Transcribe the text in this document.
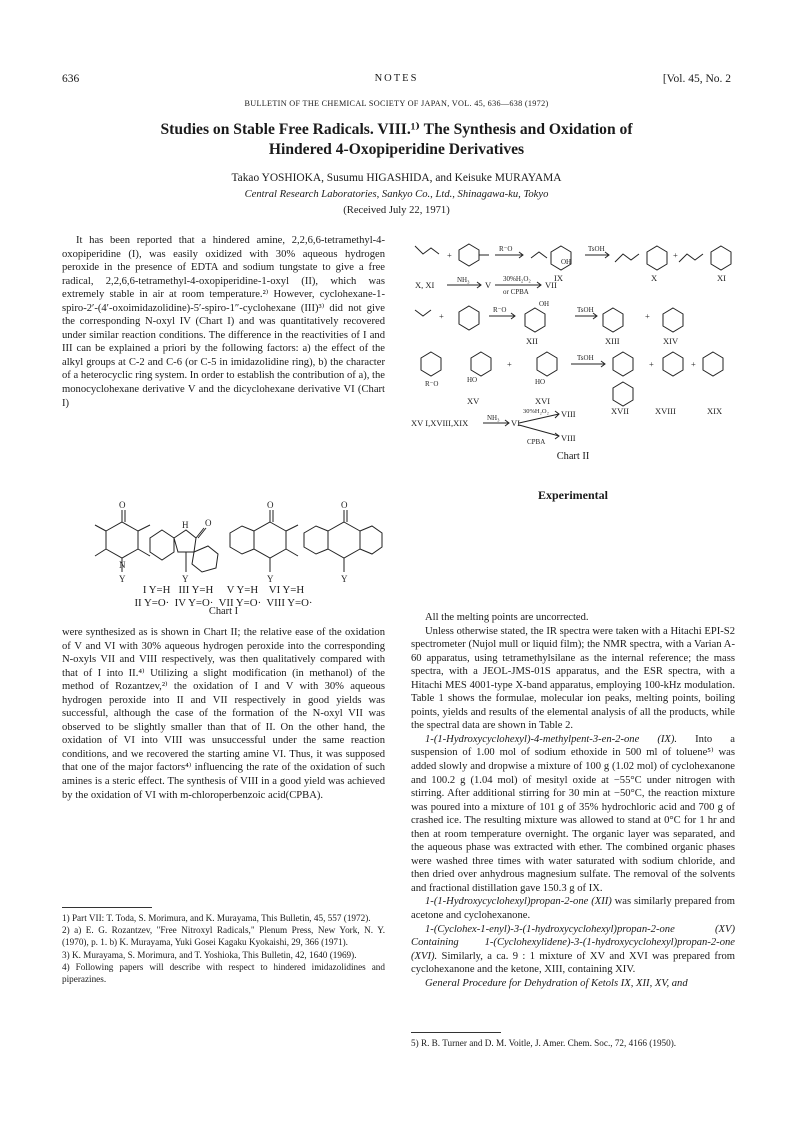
636	NOTES	[Vol. 45, No. 2
BULLETIN OF THE CHEMICAL SOCIETY OF JAPAN, VOL. 45, 636—638 (1972)
Studies on Stable Free Radicals. VIII.¹⁾ The Synthesis and Oxidation of
Hindered 4-Oxopiperidine Derivatives
Takao YOSHIOKA, Susumu HIGASHIDA, and Keisuke MURAYAMA
Central Research Laboratories, Sankyo Co., Ltd., Shinagawa-ku, Tokyo
(Received July 22, 1971)

It has been reported that a hindered amine, 2,2,6,6-tetramethyl-4-oxopiperidine (I), was easily oxidized with 30% aqueous hydrogen peroxide in the presence of EDTA and sodium tungstate to give a free radical, 2,2,6,6-tetramethyl-4-oxopiperidine-1-oxyl (II), which was extremely stable in air at room temperature.²⁾ However, cyclohexane-1-spiro-2′-(4′-oxoimidazolidine)-5′-spiro-1″-cyclohexane (III)³⁾ did not give the corresponding N-oxyl IV (Chart I) and was quantitatively recovered under similar reaction conditions. The difference in the reactivities of I and III can be explained a priori by the following factors: a) the effect of the alkyl groups at C-2 and C-6 (or C-5 in imidazolidine ring), b) the character of a heterocyclic ring system. In order to establish the contribution of a), the monocyclohexane derivative V and the dicyclohexane derivative VI (Chart I)

O
N
Y
H O
Y
O
Y
O
Y
I Y=H   III Y=H     V Y=H    VI Y=H
II Y=O·  IV Y=O·  VII Y=O·  VIII Y=O·
Chart I

were synthesized as is shown in Chart II; the relative ease of the oxidation of V and VI with 30% aqueous hydrogen peroxide into the corresponding N-oxyls VII and VIII respectively, was then qualitatively compared with that of I into II.⁴⁾ Utilizing a slight modification (in methanol) of the method of Rozantzev,²⁾ the oxidation of I and V with 30% aqueous hydrogen peroxide into II and VII respectively in good yields was successful, although the case of the formation of the N-oxyl VII was observed to be slightly smaller than that of II. On the other hand, the oxidation of VI into VIII was unsuccessful under the same reaction conditions, and we recovered the starting amine VI. Thus, it was supposed that one of the major factors⁴⁾ influencing the rate of the oxidation of such amines is a steric effect. The synthesis of VIII in a good yield was achieved by the oxidation of VI with m-chloroperbenzoic acid(CPBA).

1) Part VII: T. Toda, S. Morimura, and K. Murayama, This Bulletin, 45, 557 (1972).

2) a) E. G. Rozantzev, "Free Nitroxyl Radicals," Plenum Press, New York, N. Y. (1970), p. 1. b) K. Murayama, Yuki Gosei Kagaku Kyokaishi, 29, 366 (1971).

3) K. Murayama, S. Morimura, and T. Yoshioka, This Bulletin, 42, 1640 (1969).

4) Following papers will describe with respect to hindered imidazolidines and piperazines.

+
R⁻O
OH
TsOH
IX	X
+
XI
X, XI	NH₃ V
30%H₂O₂
or CPBA
VII
+
R⁻O
OH
TsOH
XII	XIII
+
XIV
R⁻O	HO
+
HO
TsOH
XV	XVI
XVII
+
XVIII
+
XIX
XV I,XVIII,XIX	NH₃ VI
30%H₂O₂ VIII
CPBA VIII
Chart II
Experimental

All the melting points are uncorrected.

Unless otherwise stated, the IR spectra were taken with a Hitachi EPI-S2 spectrometer (Nujol mull or liquid film); the NMR spectra, with a Varian A-60 apparatus, using tetramethylsilane as the internal reference; the mass spectra, with a JEOL-JMS-01S apparatus, and the ESR spectra, with a Hitachi MES 4001-type X-band apparatus, employing 100-kHz modulation. Table 1 shows the formulae, molecular ion peaks, melting points, boiling points, yields and results of the elemental analysis of all the products, while the spectral data are shown in Table 2.

1-(1-Hydroxycyclohexyl)-4-methylpent-3-en-2-one (IX). Into a suspension of 1.00 mol of sodium ethoxide in 500 ml of toluene⁵⁾ was added slowly and dropwise a mixture of 100 g (1.02 mol) of cyclohexanone and 100.2 g (1.04 mol) of mesityl oxide at −55°C under nitrogen with stirring. After additional stirring for 30 min at −50°C, the reaction mixture was poured into a mixture of 101 g of 35% hydrochloric acid and 700 g of crashed ice. The resulting mixture was allowed to stand at 0°C for 1 hr and then at room temperature overnight. The organic layer was separated, and the aqueous phase was extracted with ether. The combined organic phases were washed three times with water saturated with sodium chloride, and then dried over anhydrous magnesium sulfate. The removal of the solvents and fractional distillation gave 150.3 g of IX.

1-(1-Hydroxycyclohexyl)propan-2-one (XII) was similarly prepared from acetone and cyclohexanone.

1-(Cyclohex-1-enyl)-3-(1-hydroxycyclohexyl)propan-2-one (XV) Containing 1-(Cyclohexylidene)-3-(1-hydroxycyclohexyl)propan-2-one (XVI). Similarly, a ca. 9 : 1 mixture of XV and XVI was prepared from cyclohexanone and the ketone, XIII, containing XIV.

General Procedure for Dehydration of Ketols IX, XII, XV, and

5) R. B. Turner and D. M. Voitle, J. Amer. Chem. Soc., 72, 4166 (1950).
